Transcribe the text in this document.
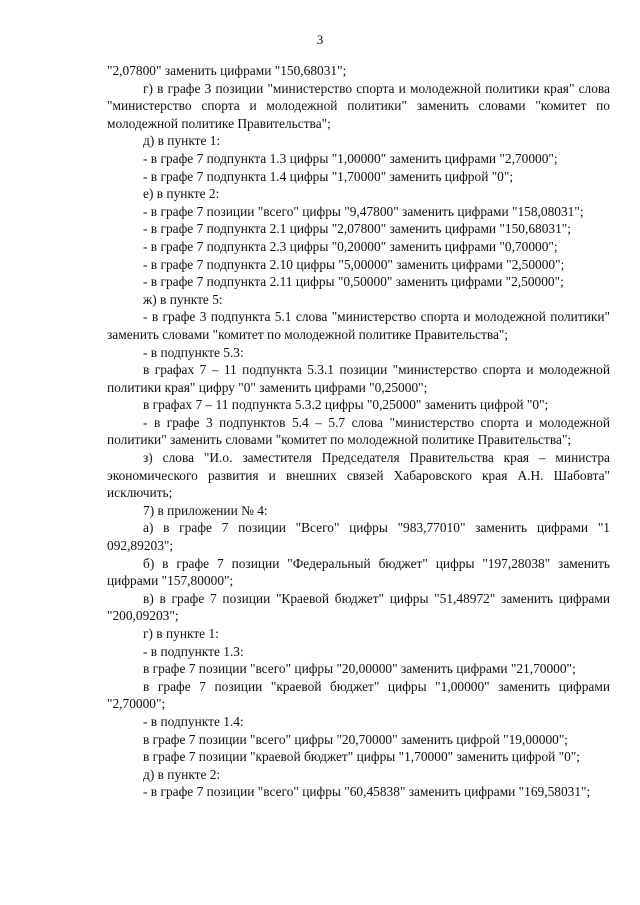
3

"2,07800" заменить цифрами "150,68031";

г) в графе 3 позиции "министерство спорта и молодежной политики края" слова "министерство спорта и молодежной политики" заменить словами "комитет по молодежной политике Правительства";

д) в пункте 1:

- в графе 7 подпункта 1.3 цифры "1,00000" заменить цифрами "2,70000";

- в графе 7 подпункта 1.4 цифры "1,70000" заменить цифрой "0";

е) в пункте 2:

- в графе 7 позиции "всего" цифры "9,47800" заменить цифрами "158,08031";

- в графе 7 подпункта 2.1 цифры "2,07800" заменить цифрами "150,68031";

- в графе 7 подпункта 2.3 цифры "0,20000" заменить цифрами "0,70000";

- в графе 7 подпункта 2.10 цифры "5,00000" заменить цифрами "2,50000";

- в графе 7 подпункта 2.11 цифры "0,50000" заменить цифрами "2,50000";

ж) в пункте 5:

- в графе 3 подпункта 5.1 слова "министерство спорта и молодежной политики" заменить словами "комитет по молодежной политике Правительства";

- в подпункте 5.3:

в графах 7 – 11 подпункта 5.3.1 позиции "министерство спорта и молодежной политики края" цифру "0" заменить цифрами "0,25000";

в графах 7 – 11 подпункта 5.3.2 цифры "0,25000" заменить цифрой "0";

- в графе 3 подпунктов 5.4 – 5.7 слова "министерство спорта и молодежной политики" заменить словами "комитет по молодежной политике Правительства";

з) слова "И.о. заместителя Председателя Правительства края – министра экономического развития и внешних связей Хабаровского края А.Н. Шабовта" исключить;

7) в приложении № 4:

а) в графе 7 позиции "Всего" цифры "983,77010" заменить цифрами "1 092,89203";

б) в графе 7 позиции "Федеральный бюджет" цифры "197,28038" заменить цифрами "157,80000";

в) в графе 7 позиции "Краевой бюджет" цифры "51,48972" заменить цифрами "200,09203";

г) в пункте 1:

- в подпункте 1.3:

в графе 7 позиции "всего" цифры "20,00000" заменить цифрами "21,70000";

в графе 7 позиции "краевой бюджет" цифры "1,00000" заменить цифрами "2,70000";

- в подпункте 1.4:

в графе 7 позиции "всего" цифры "20,70000" заменить цифрой "19,00000";

в графе 7 позиции "краевой бюджет" цифры "1,70000" заменить цифрой "0";

д) в пункте 2:

- в графе 7 позиции "всего" цифры "60,45838" заменить цифрами "169,58031";
